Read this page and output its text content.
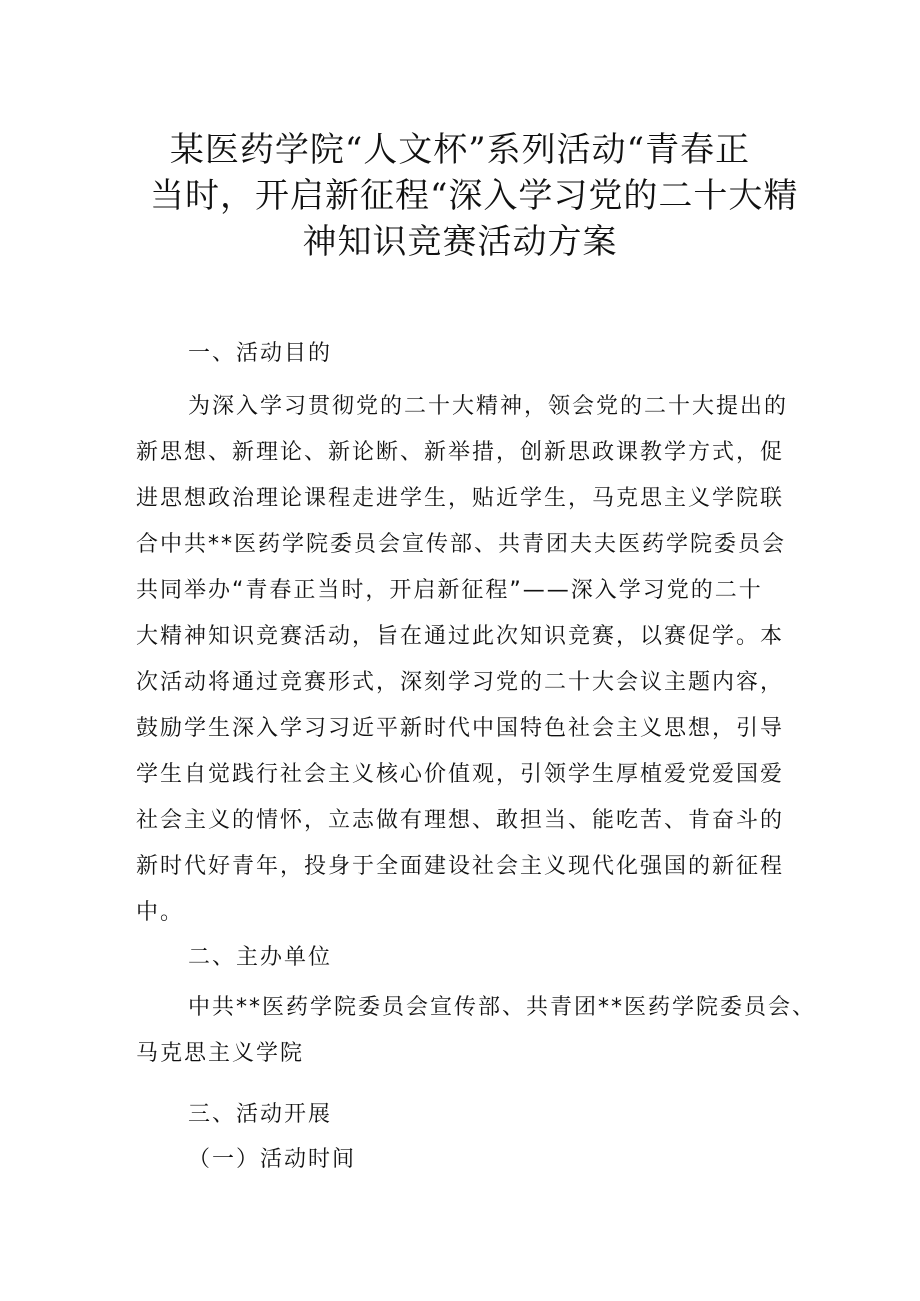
某医药学院“人文杯”系列活动“青春正
当时，开启新征程“深入学习党的二十大精
神知识竞赛活动方案
一、活动目的
为深入学习贯彻党的二十大精神，领会党的二十大提出的
新思想、新理论、新论断、新举措，创新思政课教学方式，促
进思想政治理论课程走进学生，贴近学生，马克思主义学院联
合中共**医药学院委员会宣传部、共青团夫夫医药学院委员会
共同举办“青春正当时，开启新征程”——深入学习党的二十
大精神知识竞赛活动，旨在通过此次知识竞赛，以赛促学。本
次活动将通过竞赛形式，深刻学习党的二十大会议主题内容，
鼓励学生深入学习习近平新时代中国特色社会主义思想，引导
学生自觉践行社会主义核心价值观，引领学生厚植爱党爱国爱
社会主义的情怀，立志做有理想、敢担当、能吃苦、肯奋斗的
新时代好青年，投身于全面建设社会主义现代化强国的新征程
中。
二、主办单位
中共**医药学院委员会宣传部、共青团**医药学院委员会、
马克思主义学院
三、活动开展
（一）活动时间
